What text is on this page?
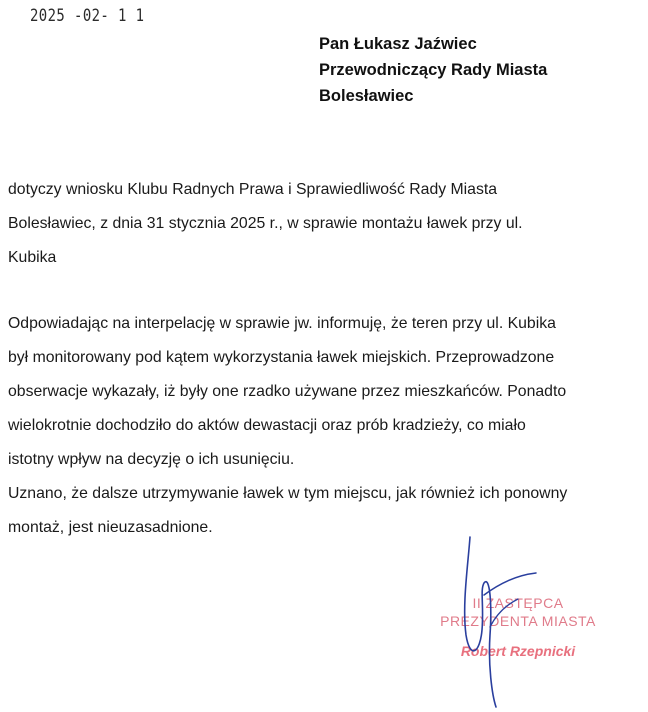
2025 -02- 1 1
Pan Łukasz Jaźwiec
Przewodniczący Rady Miasta
Bolesławiec
dotyczy wniosku Klubu Radnych Prawa i Sprawiedliwość Rady Miasta
Bolesławiec, z dnia 31 stycznia 2025 r., w sprawie montażu ławek przy ul.
Kubika
Odpowiadając na interpelację w sprawie jw. informuję, że teren przy ul. Kubika
był monitorowany pod kątem wykorzystania ławek miejskich. Przeprowadzone
obserwacje wykazały, iż były one rzadko używane przez mieszkańców. Ponadto
wielokrotnie dochodziło do aktów dewastacji oraz prób kradzieży, co miało
istotny wpływ na decyzję o ich usunięciu.
Uznano, że dalsze utrzymywanie ławek w tym miejscu, jak również ich ponowny
montaż, jest nieuzasadnione.
II ZASTĘPCA
PREZYDENTA MIASTA
Robert Rzepnicki
